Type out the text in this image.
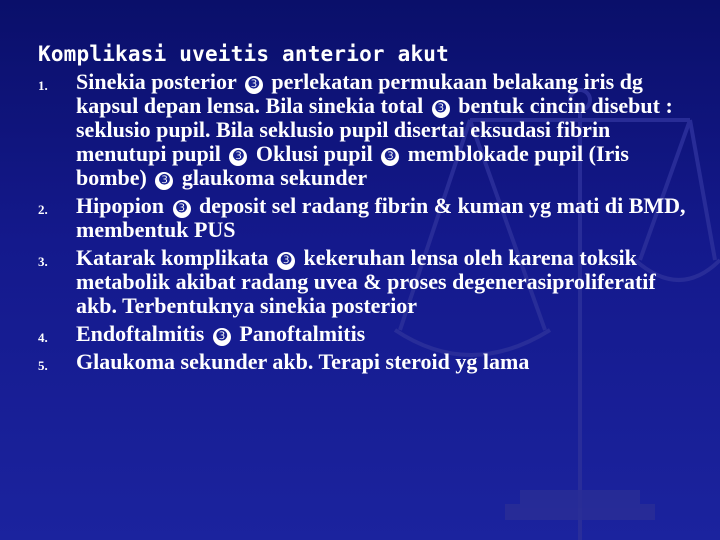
Komplikasi uveitis anterior akut
1. Sinekia posterior ➌ perlekatan permukaan belakang iris dg kapsul depan lensa. Bila sinekia total ➌ bentuk cincin disebut : seklusio pupil. Bila seklusio pupil disertai eksudasi fibrin menutupi pupil ➌ Oklusi pupil ➌ memblokade pupil (Iris bombe) ➌ glaukoma sekunder
2. Hipopion ➌ deposit sel radang fibrin & kuman yg mati di BMD, membentuk PUS
3. Katarak komplikata ➌ kekeruhan lensa oleh karena toksik metabolik akibat radang uvea & proses degenerasiproliferatif akb. Terbentuknya sinekia posterior
4. Endoftalmitis ➌ Panoftalmitis
5. Glaukoma sekunder akb. Terapi steroid yg lama
